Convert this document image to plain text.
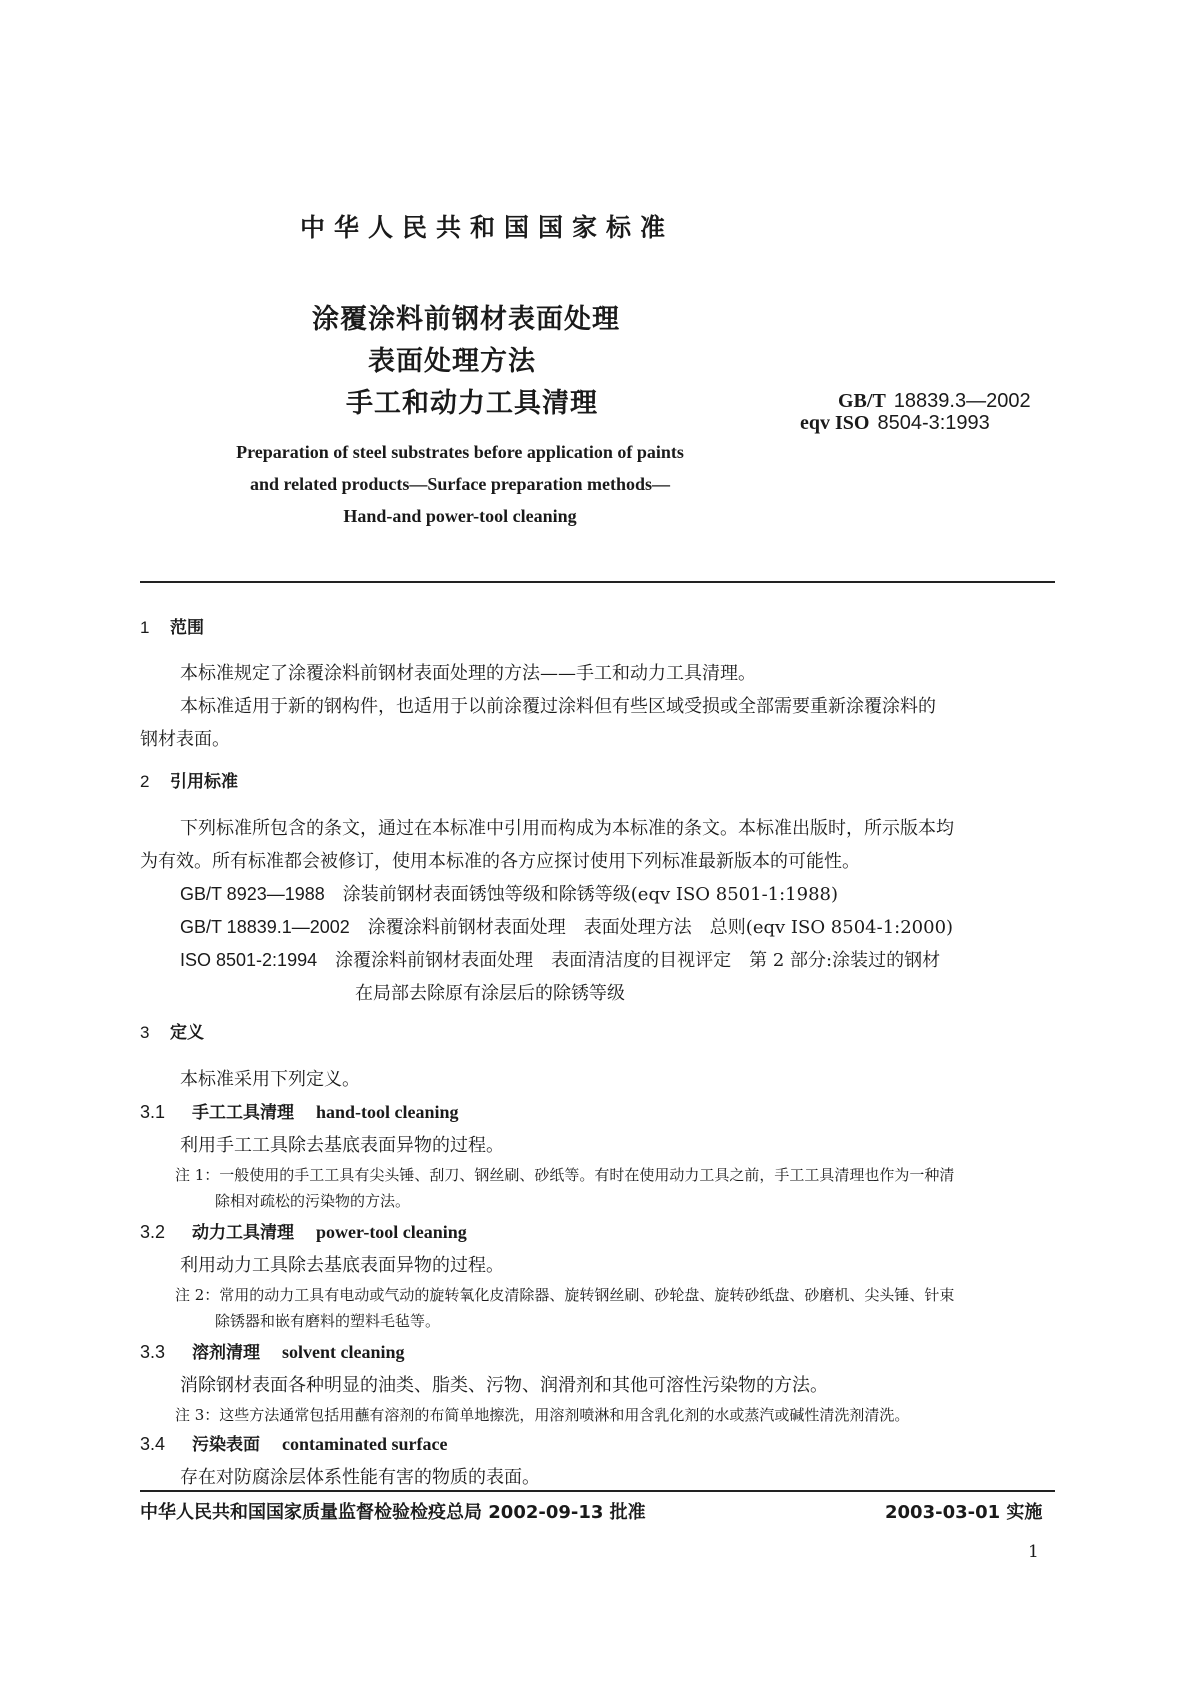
中华人民共和国国家标准
涂覆涂料前钢材表面处理
表面处理方法
手工和动力工具清理	GB/T 18839.3—2002
eqv ISO 8504-3:1993
Preparation of steel substrates before application of paints
and related products—Surface preparation methods—
Hand-and power-tool cleaning
1 范围
本标准规定了涂覆涂料前钢材表面处理的方法——手工和动力工具清理。
本标准适用于新的钢构件，也适用于以前涂覆过涂料但有些区域受损或全部需要重新涂覆涂料的
钢材表面。
2 引用标准
下列标准所包含的条文，通过在本标准中引用而构成为本标准的条文。本标准出版时，所示版本均
为有效。所有标准都会被修订，使用本标准的各方应探讨使用下列标准最新版本的可能性。
GB/T 8923—1988　 涂装前钢材表面锈蚀等级和除锈等级(eqv ISO 8501-1:1988)
GB/T 18839.1—2002　 涂覆涂料前钢材表面处理　表面处理方法　总则(eqv ISO 8504-1:2000)
ISO 8501-2:1994　 涂覆涂料前钢材表面处理　表面清洁度的目视评定　第 2 部分:涂装过的钢材
在局部去除原有涂层后的除锈等级
3 定义
本标准采用下列定义。
3.1 手工工具清理 hand-tool cleaning
利用手工工具除去基底表面异物的过程。
注 1：一般使用的手工工具有尖头锤、刮刀、钢丝刷、砂纸等。有时在使用动力工具之前，手工工具清理也作为一种清
除相对疏松的污染物的方法。
3.2 动力工具清理 power-tool cleaning
利用动力工具除去基底表面异物的过程。
注 2：常用的动力工具有电动或气动的旋转氧化皮清除器、旋转钢丝刷、砂轮盘、旋转砂纸盘、砂磨机、尖头锤、针束
除锈器和嵌有磨料的塑料毛毡等。
3.3 溶剂清理 solvent cleaning
消除钢材表面各种明显的油类、脂类、污物、润滑剂和其他可溶性污染物的方法。
注 3：这些方法通常包括用蘸有溶剂的布简单地擦洗，用溶剂喷淋和用含乳化剂的水或蒸汽或碱性清洗剂清洗。
3.4 污染表面 contaminated surface
存在对防腐涂层体系性能有害的物质的表面。
中华人民共和国国家质量监督检验检疫总局 2002-09-13 批准	2003-03-01 实施
1
